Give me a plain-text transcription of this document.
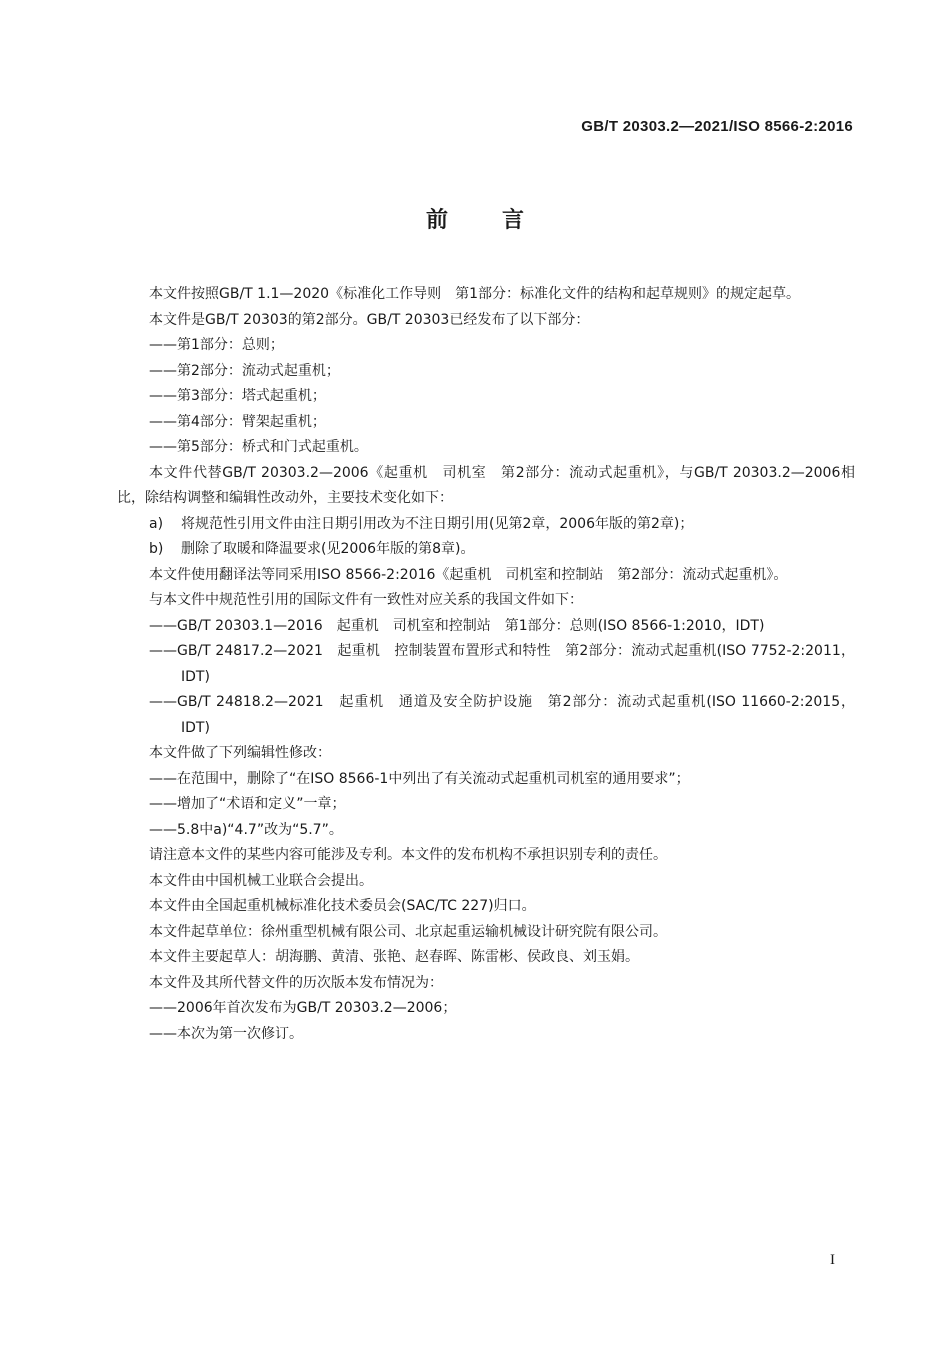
GB/T 20303.2—2021/ISO 8566-2:2016
前言

本文件按照GB/T 1.1—2020《标准化工作导则　第1部分：标准化文件的结构和起草规则》的规定起草。

本文件是GB/T 20303的第2部分。GB/T 20303已经发布了以下部分：

——第1部分：总则；

——第2部分：流动式起重机；

——第3部分：塔式起重机；

——第4部分：臂架起重机；

——第5部分：桥式和门式起重机。

本文件代替GB/T 20303.2—2006《起重机　司机室　第2部分：流动式起重机》，与GB/T 20303.2—2006相比，除结构调整和编辑性改动外，主要技术变化如下：

a) 将规范性引用文件由注日期引用改为不注日期引用(见第2章，2006年版的第2章)；

b) 删除了取暖和降温要求(见2006年版的第8章)。

本文件使用翻译法等同采用ISO 8566-2:2016《起重机　司机室和控制站　第2部分：流动式起重机》。

与本文件中规范性引用的国际文件有一致性对应关系的我国文件如下：

——GB/T 20303.1—2016　起重机　司机室和控制站　第1部分：总则(ISO 8566-1:2010，IDT)

——GB/T 24817.2—2021　起重机　控制装置布置形式和特性　第2部分：流动式起重机(ISO 7752-2:2011，IDT)

——GB/T 24818.2—2021　起重机　通道及安全防护设施　第2部分：流动式起重机(ISO 11660-2:2015，IDT)

本文件做了下列编辑性修改：

——在范围中，删除了“在ISO 8566-1中列出了有关流动式起重机司机室的通用要求”；

——增加了“术语和定义”一章；

——5.8中a)“4.7”改为“5.7”。

请注意本文件的某些内容可能涉及专利。本文件的发布机构不承担识别专利的责任。

本文件由中国机械工业联合会提出。

本文件由全国起重机械标准化技术委员会(SAC/TC 227)归口。

本文件起草单位：徐州重型机械有限公司、北京起重运输机械设计研究院有限公司。

本文件主要起草人：胡海鹏、黄清、张艳、赵春晖、陈雷彬、侯政良、刘玉娟。

本文件及其所代替文件的历次版本发布情况为：

——2006年首次发布为GB/T 20303.2—2006；

——本次为第一次修订。

I
